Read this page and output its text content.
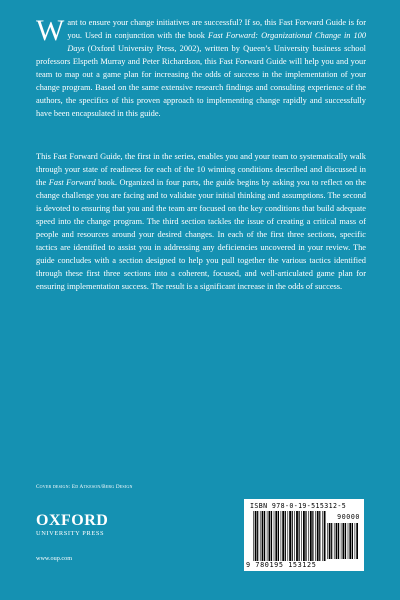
Want to ensure your change initiatives are successful? If so, this Fast Forward Guide is for you. Used in conjunction with the book Fast Forward: Organizational Change in 100 Days (Oxford University Press, 2002), written by Queen’s University business school professors Elspeth Murray and Peter Richardson, this Fast Forward Guide will help you and your team to map out a game plan for increasing the odds of success in the implementation of your change program. Based on the same extensive research findings and consulting experience of the authors, the specifics of this proven approach to implementing change rapidly and successfully have been encapsulated in this guide.

This Fast Forward Guide, the first in the series, enables you and your team to systematically walk through your state of readiness for each of the 10 winning conditions described and discussed in the Fast Forward book. Organized in four parts, the guide begins by asking you to reflect on the change challenge you are facing and to validate your initial thinking and assumptions. The second is devoted to ensuring that you and the team are focused on the key conditions that build adequate speed into the change program. The third section tackles the issue of creating a critical mass of people and resources around your desired changes. In each of the first three sections, specific tactics are identified to assist you in addressing any deficiencies uncovered in your review. The guide concludes with a section designed to help you pull together the various tactics identified through these first three sections into a coherent, focused, and well-articulated game plan for ensuring implementation success. The result is a significant increase in the odds of success.

Cover design: Ed Atkeson/Berg Design
OXFORD
UNIVERSITY PRESS
www.oup.com
ISBN 978-0-19-515312-5
90000
9 780195 153125
